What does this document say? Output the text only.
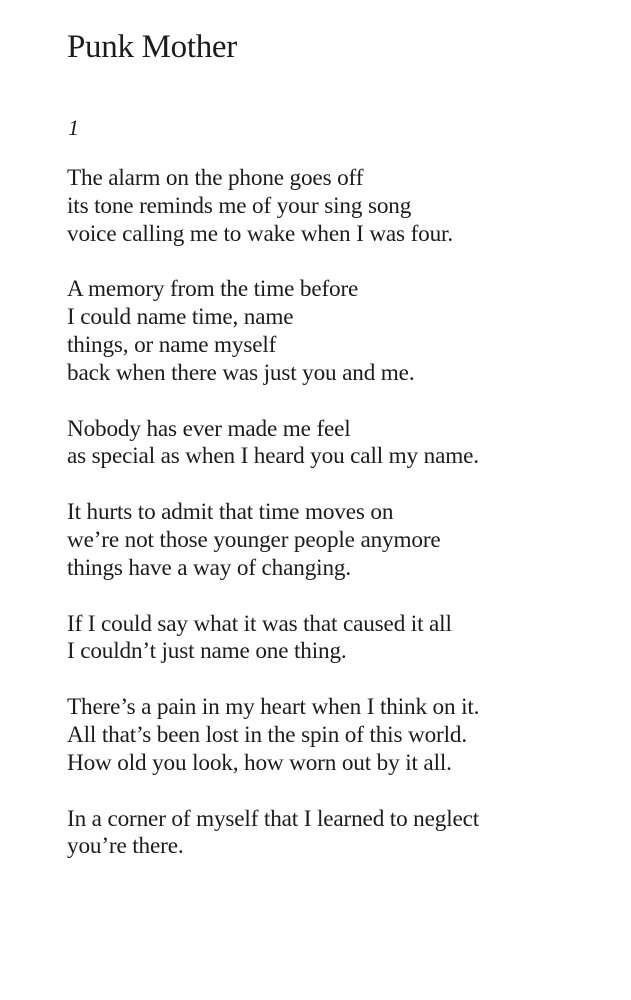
Punk Mother
1

The alarm on the phone goes off
its tone reminds me of your sing song
voice calling me to wake when I was four.

A memory from the time before
I could name time, name
things, or name myself
back when there was just you and me.

Nobody has ever made me feel
as special as when I heard you call my name.

It hurts to admit that time moves on
we’re not those younger people anymore
things have a way of changing.

If I could say what it was that caused it all
I couldn’t just name one thing.

There’s a pain in my heart when I think on it.
All that’s been lost in the spin of this world.
How old you look, how worn out by it all.

In a corner of myself that I learned to neglect
you’re there.
